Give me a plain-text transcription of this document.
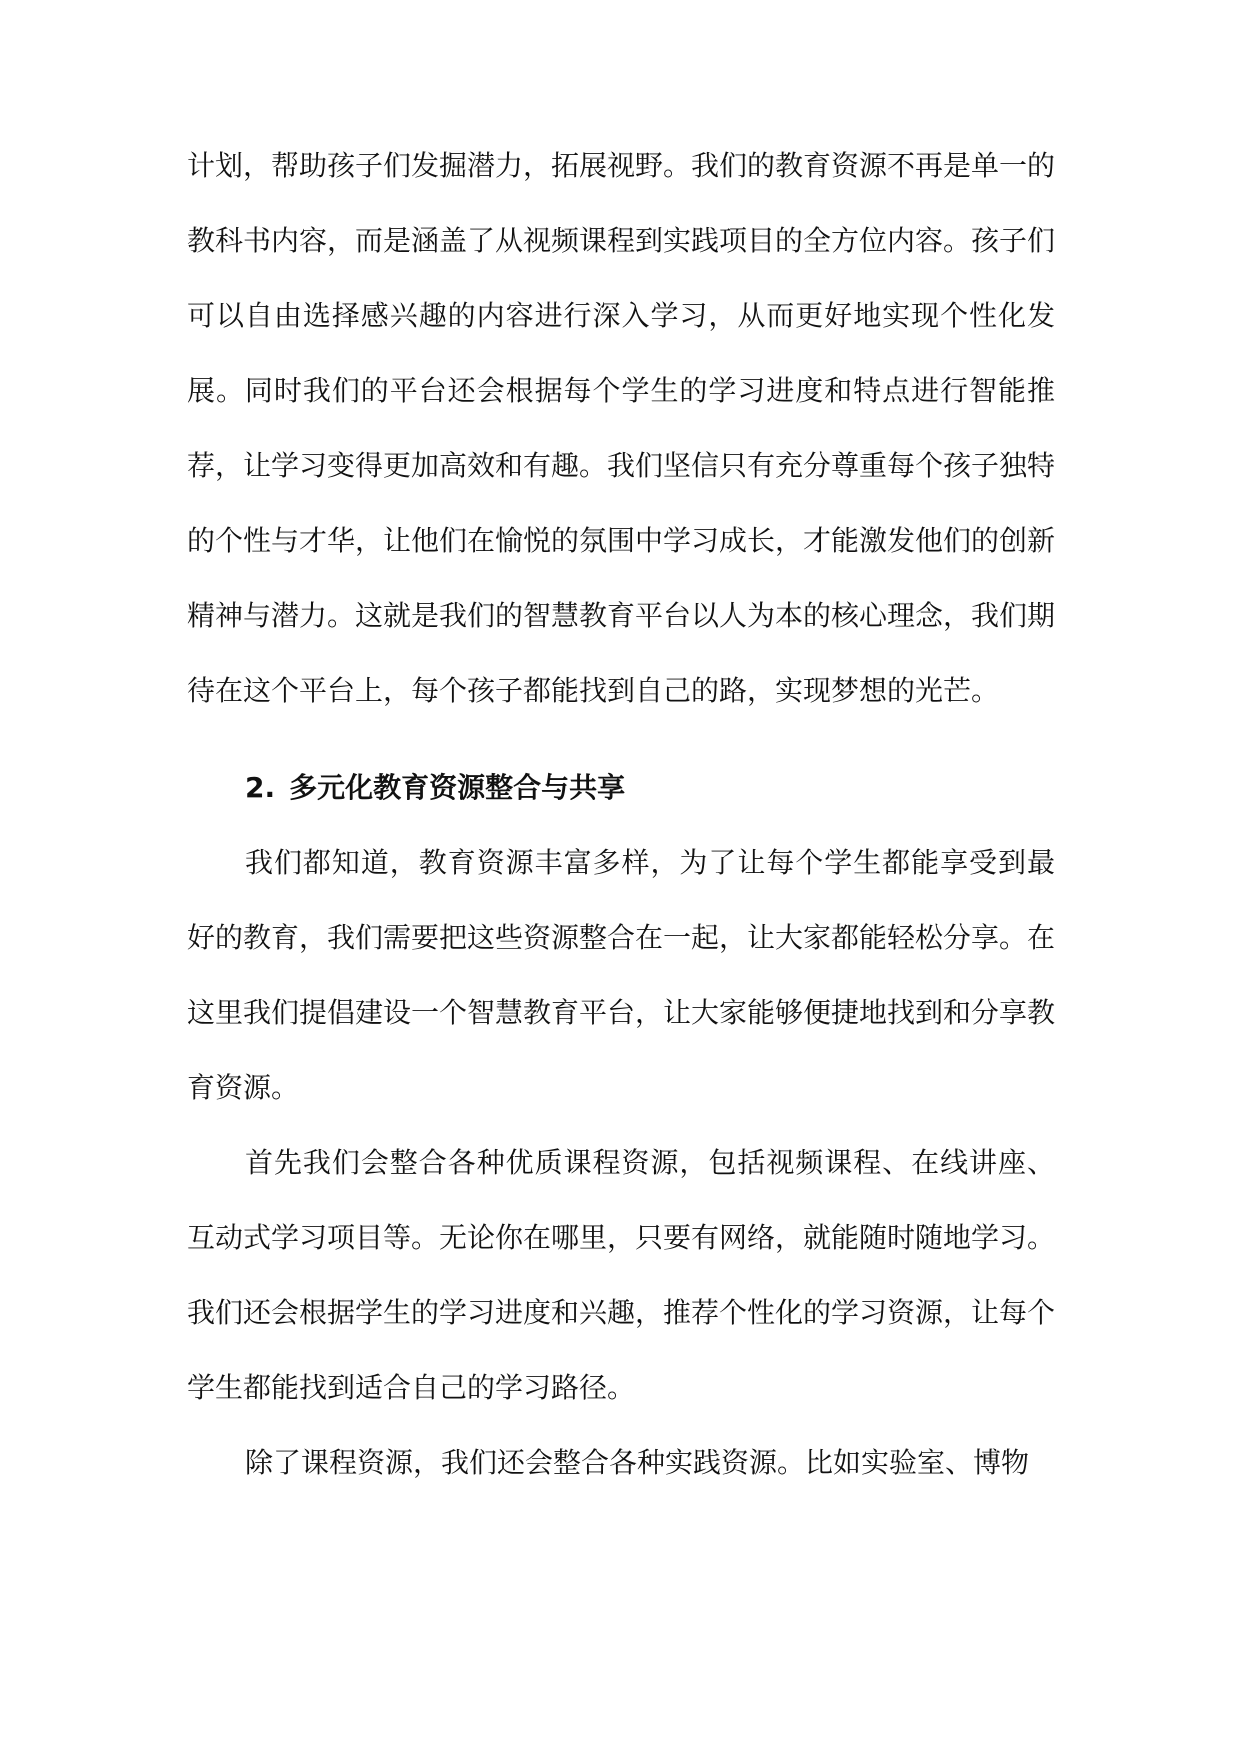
计划，帮助孩子们发掘潜力，拓展视野。我们的教育资源不再是单一的教科书内容，而是涵盖了从视频课程到实践项目的全方位内容。孩子们可以自由选择感兴趣的内容进行深入学习，从而更好地实现个性化发展。同时我们的平台还会根据每个学生的学习进度和特点进行智能推荐，让学习变得更加高效和有趣。我们坚信只有充分尊重每个孩子独特的个性与才华，让他们在愉悦的氛围中学习成长，才能激发他们的创新精神与潜力。这就是我们的智慧教育平台以人为本的核心理念，我们期待在这个平台上，每个孩子都能找到自己的路，实现梦想的光芒。

2. 多元化教育资源整合与共享

我们都知道，教育资源丰富多样，为了让每个学生都能享受到最好的教育，我们需要把这些资源整合在一起，让大家都能轻松分享。在这里我们提倡建设一个智慧教育平台，让大家能够便捷地找到和分享教育资源。

首先我们会整合各种优质课程资源，包括视频课程、在线讲座、互动式学习项目等。无论你在哪里，只要有网络，就能随时随地学习。我们还会根据学生的学习进度和兴趣，推荐个性化的学习资源，让每个学生都能找到适合自己的学习路径。

除了课程资源，我们还会整合各种实践资源。比如实验室、博物
